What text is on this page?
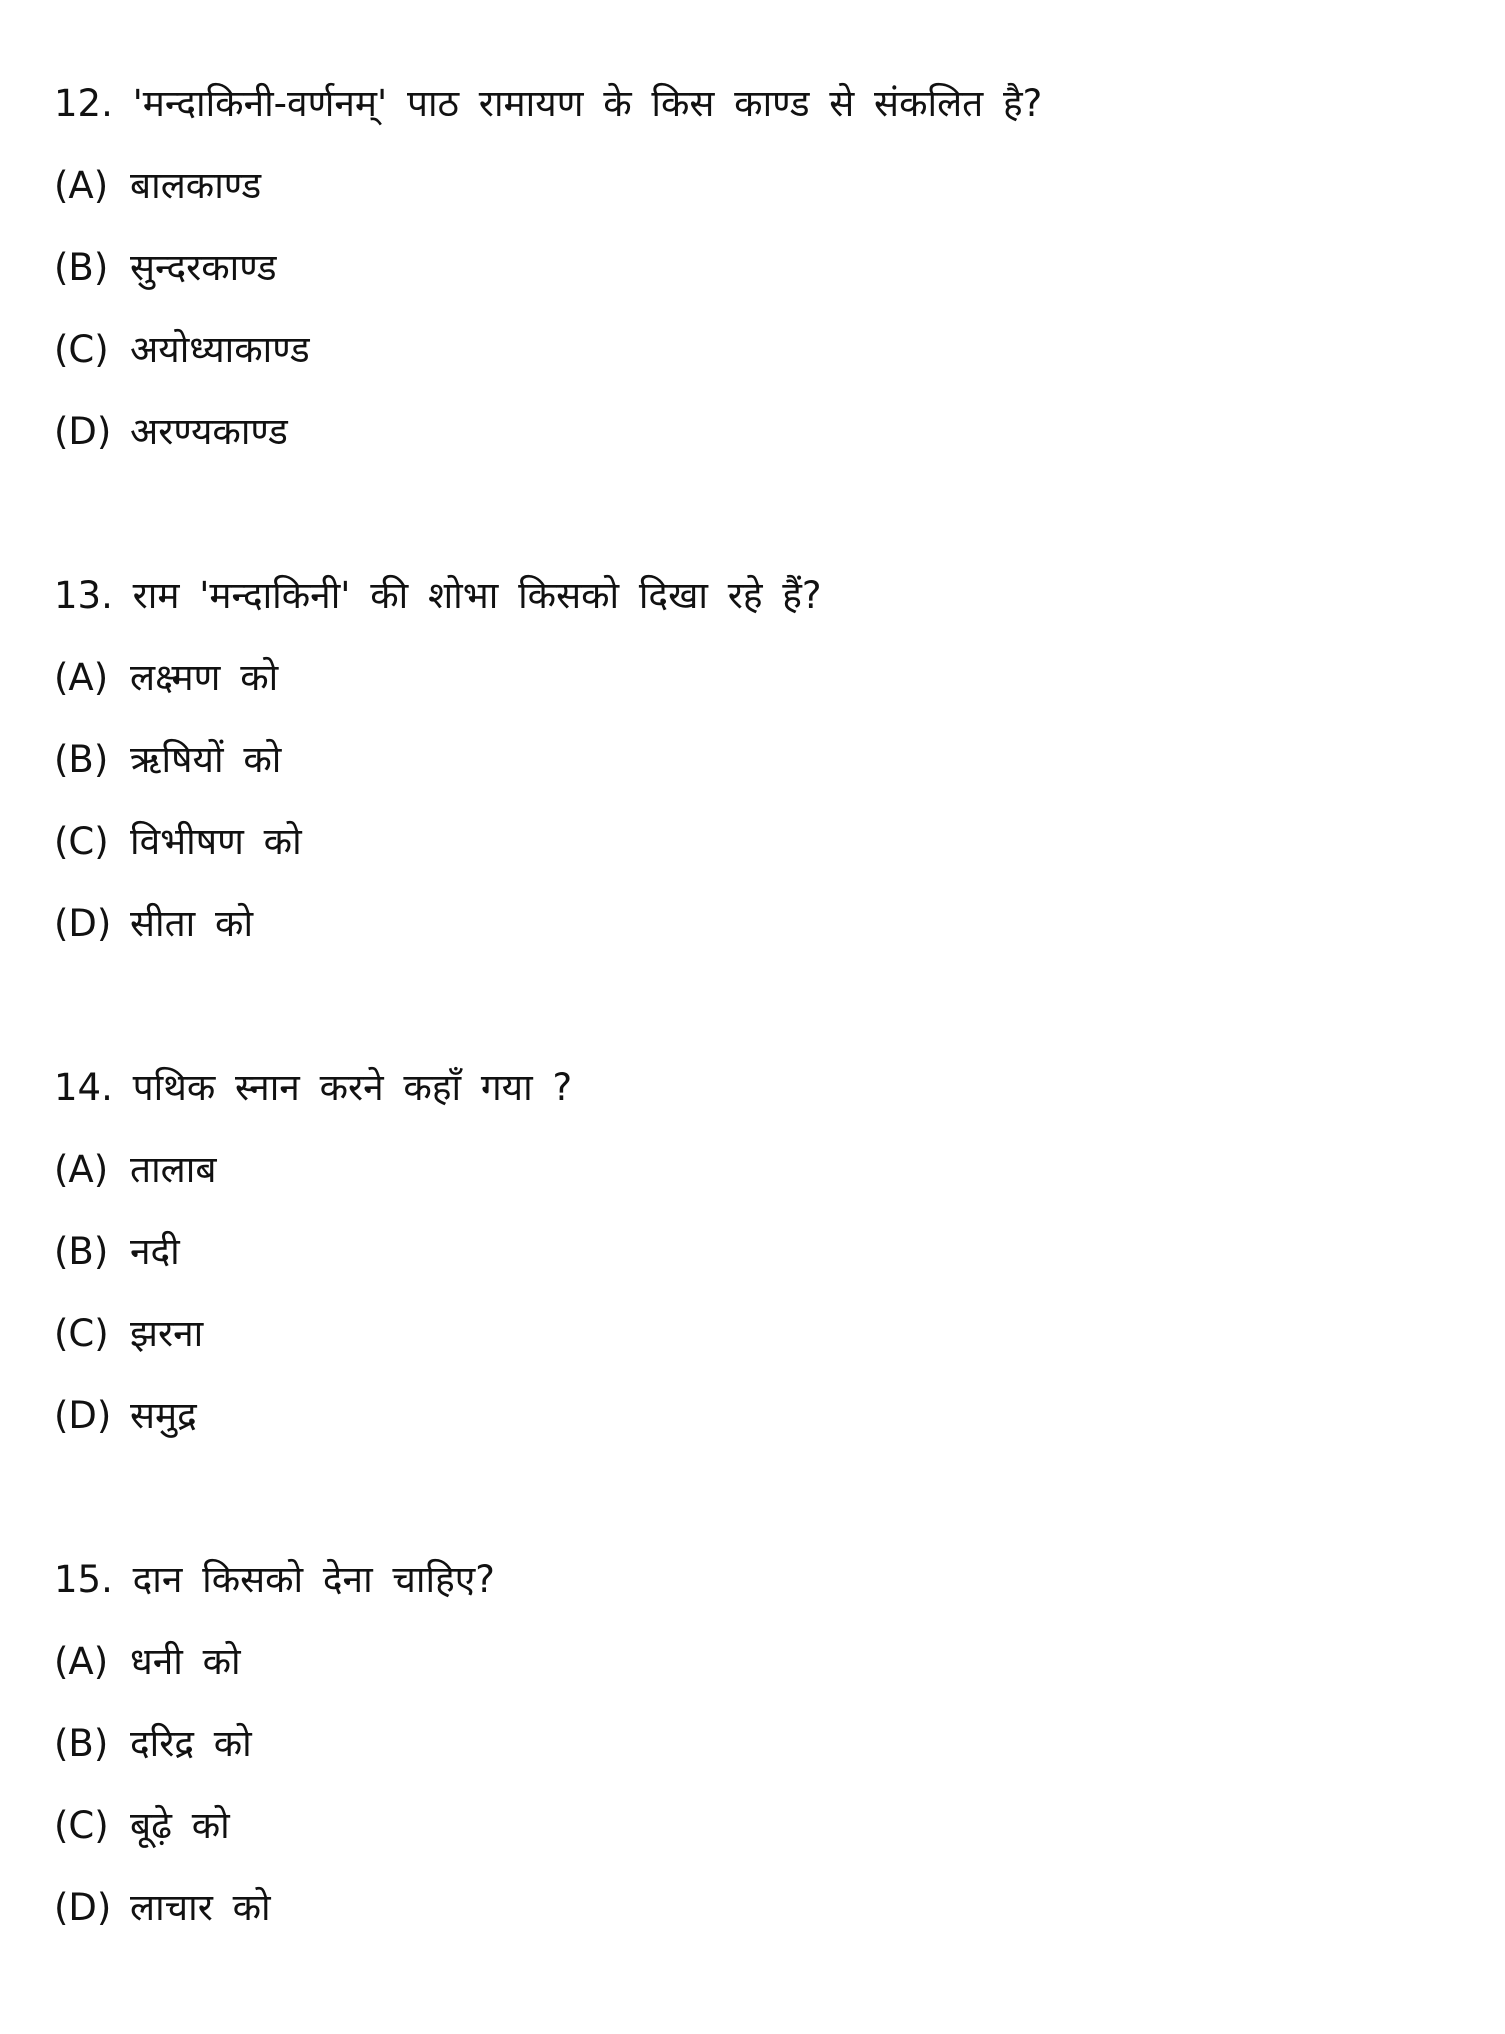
12. 'मन्दाकिनी-वर्णनम्' पाठ रामायण के किस काण्ड से संकलित है?
(A) बालकाण्ड
(B) सुन्दरकाण्ड
(C) अयोध्याकाण्ड
(D) अरण्यकाण्ड
13. राम 'मन्दाकिनी' की शोभा किसको दिखा रहे हैं?
(A) लक्ष्मण को
(B) ऋषियों को
(C) विभीषण को
(D) सीता को
14. पथिक स्नान करने कहाँ गया ?
(A) तालाब
(B) नदी
(C) झरना
(D) समुद्र
15. दान किसको देना चाहिए?
(A) धनी को
(B) दरिद्र को
(C) बूढ़े को
(D) लाचार को
